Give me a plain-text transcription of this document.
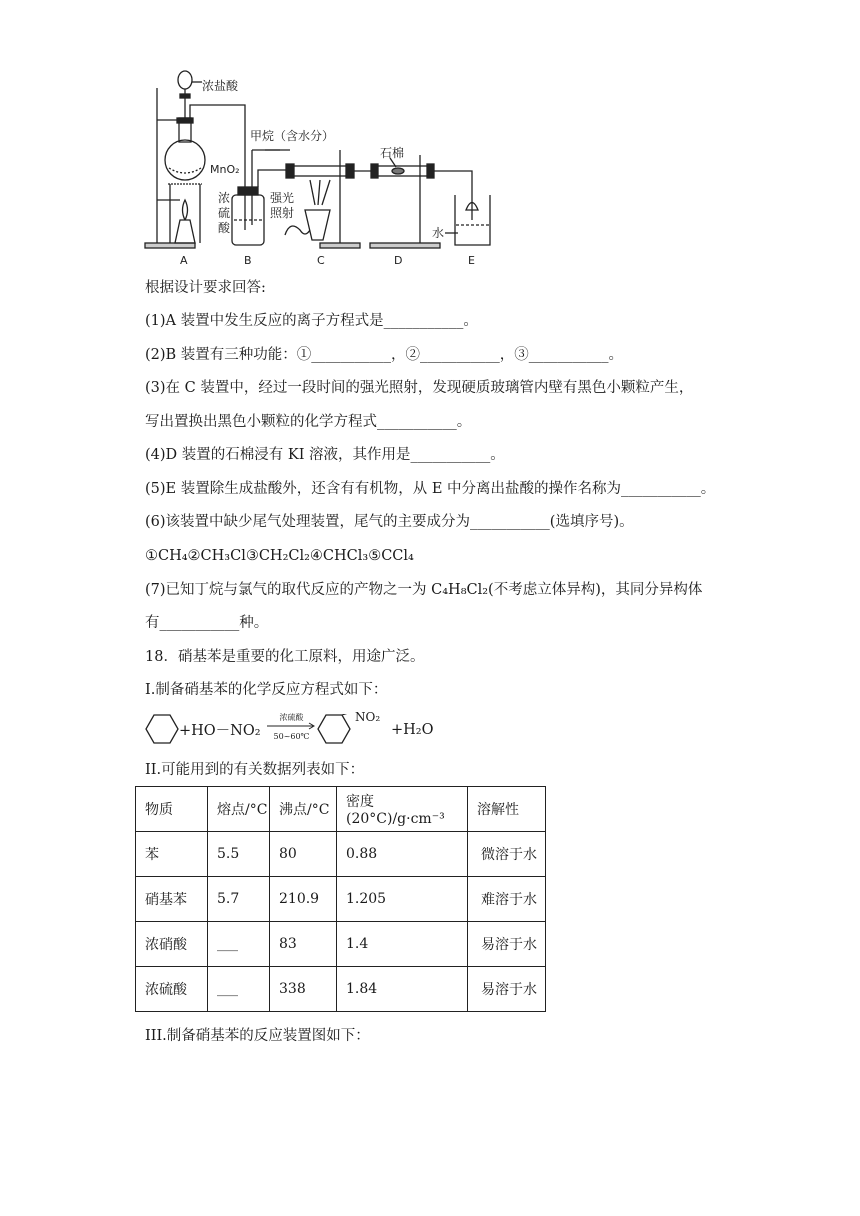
浓盐酸
MnO₂
甲烷（含水分）
浓
硫
酸
强光
照射
石棉
水
A	B	C	D	E
根据设计要求回答:
(1)A 装置中发生反应的离子方程式是___________。
(2)B 装置有三种功能：①___________，②___________，③___________。
(3)在 C 装置中，经过一段时间的强光照射，发现硬质玻璃管内壁有黑色小颗粒产生，
写出置换出黑色小颗粒的化学方程式___________。
(4)D 装置的石棉浸有 KI 溶液，其作用是___________。
(5)E 装置除生成盐酸外，还含有有机物，从 E 中分离出盐酸的操作名称为___________。
(6)该装置中缺少尾气处理装置，尾气的主要成分为___________(选填序号)。
①CH₄②CH₃Cl③CH₂Cl₂④CHCl₃⑤CCl₄
(7)已知丁烷与氯气的取代反应的产物之一为 C₄H₈Cl₂(不考虑立体异构)，其同分异构体
有___________种。
18．硝基苯是重要的化工原料，用途广泛。
I.制备硝基苯的化学反应方程式如下：
+HO－NO₂
浓硫酸
50~60℃
NO₂
+H₂O
II.可能用到的有关数据列表如下：
物质	熔点/°C	沸点/°C	密度(20°C)/g·cm⁻³	溶解性
苯	5.5	80	0.88	微溶于水
硝基苯	5.7	210.9	1.205	难溶于水
浓硝酸	___	83	1.4	易溶于水
浓硫酸	___	338	1.84	易溶于水
III.制备硝基苯的反应装置图如下：
